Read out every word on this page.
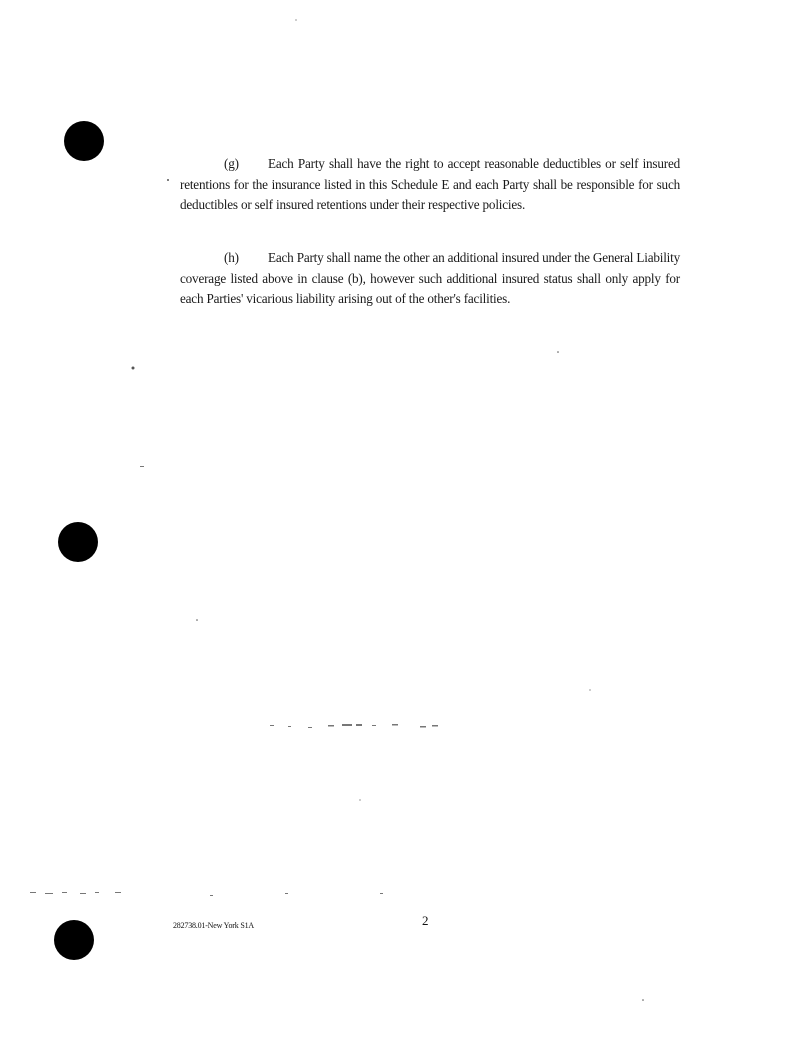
(g) Each Party shall have the right to accept reasonable deductibles or self insured retentions for the insurance listed in this Schedule E and each Party shall be responsible for such deductibles or self insured retentions under their respective policies.

(h) Each Party shall name the other an additional insured under the General Liability coverage listed above in clause (b), however such additional insured status shall only apply for each Parties' vicarious liability arising out of the other's facilities.

282738.01-New York S1A	2
